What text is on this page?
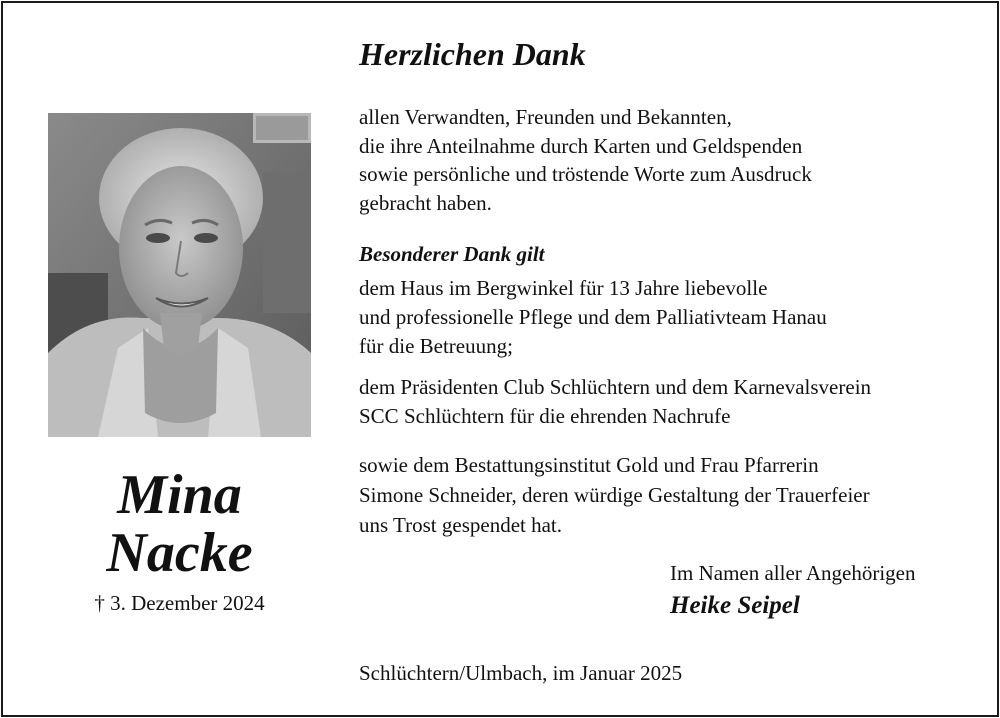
Mina
Nacke
† 3. Dezember 2024
Herzlichen Dank
allen Verwandten, Freunden und Bekannten,
die ihre Anteilnahme durch Karten und Geldspenden
sowie persönliche und tröstende Worte zum Ausdruck
gebracht haben.
Besonderer Dank gilt
dem Haus im Bergwinkel für 13 Jahre liebevolle
und professionelle Pflege und dem Palliativteam Hanau
für die Betreuung;
dem Präsidenten Club Schlüchtern und dem Karnevalsverein
SCC Schlüchtern für die ehrenden Nachrufe
sowie dem Bestattungsinstitut Gold und Frau Pfarrerin
Simone Schneider, deren würdige Gestaltung der Trauerfeier
uns Trost gespendet hat.
Im Namen aller Angehörigen
Heike Seipel
Schlüchtern/Ulmbach, im Januar 2025
